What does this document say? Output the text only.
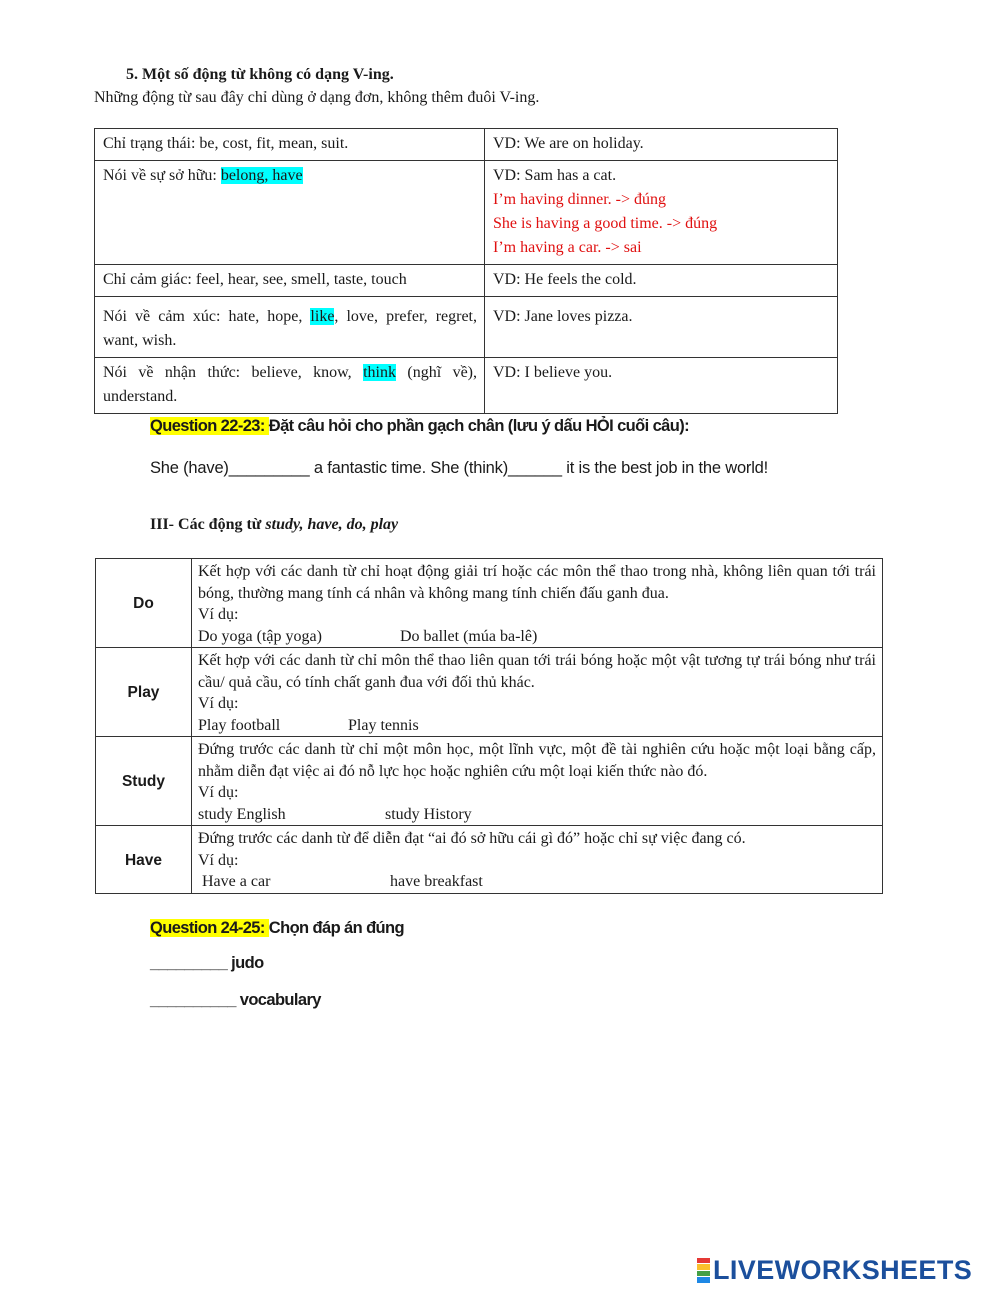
5. Một số động từ không có dạng V-ing.
Những động từ sau đây chỉ dùng ở dạng đơn, không thêm đuôi V-ing.
Chỉ trạng thái: be, cost, fit, mean, suit.	VD: We are on holiday.
Nói về sự sở hữu: belong, have	VD: Sam has a cat.
I’m having dinner. -> đúng
She is having a good time. -> đúng
I’m having a car. -> sai

Chỉ cảm giác: feel, hear, see, smell, taste, touch	VD: He feels the cold.
Nói về cảm xúc: hate, hope, like, love, prefer, regret, want, wish.	VD: Jane loves pizza.
Nói về nhận thức: believe, know, think (nghĩ về), understand.	VD: I believe you.
Question 22-23: Đặt câu hỏi cho phần gạch chân (lưu ý dấu HỎI cuối câu):
She (have)_________ a fantastic time. She (think)______ it is the best job in the world!
III- Các động từ study, have, do, play
Do	Kết hợp với các danh từ chỉ hoạt động giải trí hoặc các môn thể thao trong nhà, không liên quan tới trái bóng, thường mang tính cá nhân và không mang tính chiến đấu ganh đua.
Ví dụ:
Do yoga (tập yoga) Do ballet (múa ba-lê)

Play	Kết hợp với các danh từ chỉ môn thể thao liên quan tới trái bóng hoặc một vật tương tự trái bóng như trái cầu/ quả cầu, có tính chất ganh đua với đối thủ khác.
Ví dụ:
Play football Play tennis

Study	Đứng trước các danh từ chỉ một môn học, một lĩnh vực, một đề tài nghiên cứu hoặc một loại bằng cấp, nhằm diễn đạt việc ai đó nỗ lực học hoặc nghiên cứu một loại kiến thức nào đó.
Ví dụ:
study English study History

Have	Đứng trước các danh từ để diễn đạt “ai đó sở hữu cái gì đó” hoặc chỉ sự việc đang có.
Ví dụ:
Have a car have breakfast
Question 24-25: Chọn đáp án đúng
_________ judo
__________ vocabulary
LIVEWORKSHEETS
